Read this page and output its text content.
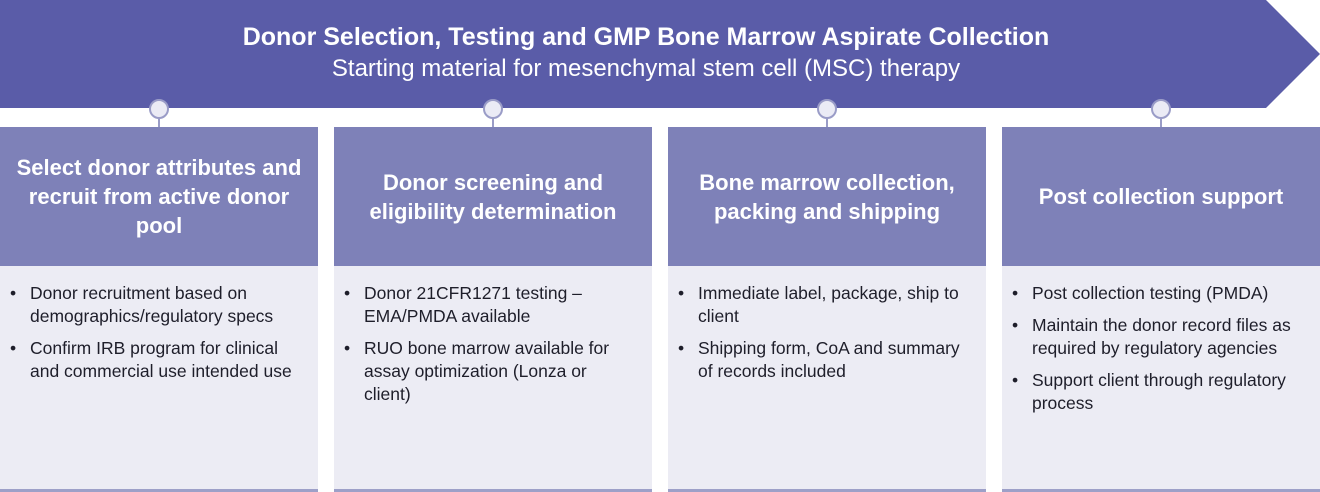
Donor Selection, Testing and GMP Bone Marrow Aspirate Collection
Starting material for mesenchymal stem cell (MSC) therapy
Select donor attributes and recruit from active donor pool
• Donor recruitment based on demographics/regulatory specs
• Confirm IRB program for clinical and commercial use intended use
Donor screening and eligibility determination
• Donor 21CFR1271 testing – EMA/PMDA available
• RUO bone marrow available for assay optimization (Lonza or client)
Bone marrow collection, packing and shipping
• Immediate label, package, ship to client
• Shipping form, CoA and summary of records included
Post collection support
• Post collection testing (PMDA)
• Maintain the donor record files as required by regulatory agencies
• Support client through regulatory process
